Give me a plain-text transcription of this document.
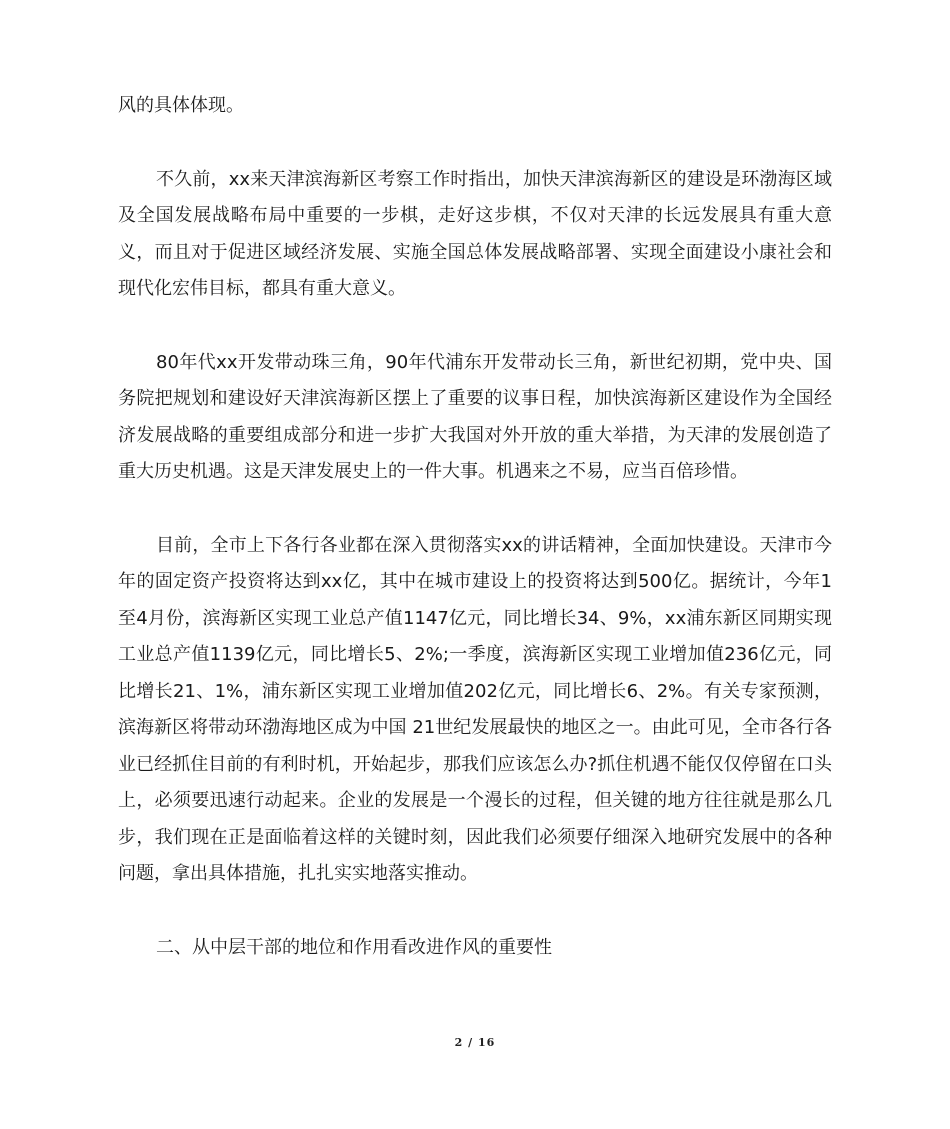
风的具体体现。

不久前，xx来天津滨海新区考察工作时指出，加快天津滨海新区的建设是环渤海区域及全国发展战略布局中重要的一步棋，走好这步棋，不仅对天津的长远发展具有重大意义，而且对于促进区域经济发展、实施全国总体发展战略部署、实现全面建设小康社会和现代化宏伟目标，都具有重大意义。

80年代xx开发带动珠三角，90年代浦东开发带动长三角，新世纪初期，党中央、国务院把规划和建设好天津滨海新区摆上了重要的议事日程，加快滨海新区建设作为全国经济发展战略的重要组成部分和进一步扩大我国对外开放的重大举措，为天津的发展创造了重大历史机遇。这是天津发展史上的一件大事。机遇来之不易，应当百倍珍惜。

目前，全市上下各行各业都在深入贯彻落实xx的讲话精神，全面加快建设。天津市今年的固定资产投资将达到xx亿，其中在城市建设上的投资将达到500亿。据统计，今年1至4月份，滨海新区实现工业总产值1147亿元，同比增长34、9%，xx浦东新区同期实现工业总产值1139亿元，同比增长5、2%;一季度，滨海新区实现工业增加值236亿元，同比增长21、1%，浦东新区实现工业增加值202亿元，同比增长6、2%。有关专家预测，滨海新区将带动环渤海地区成为中国 21世纪发展最快的地区之一。由此可见，全市各行各业已经抓住目前的有利时机，开始起步，那我们应该怎么办?抓住机遇不能仅仅停留在口头上，必须要迅速行动起来。企业的发展是一个漫长的过程，但关键的地方往往就是那么几步，我们现在正是面临着这样的关键时刻，因此我们必须要仔细深入地研究发展中的各种问题，拿出具体措施，扎扎实实地落实推动。

二、从中层干部的地位和作用看改进作风的重要性

2 / 16
